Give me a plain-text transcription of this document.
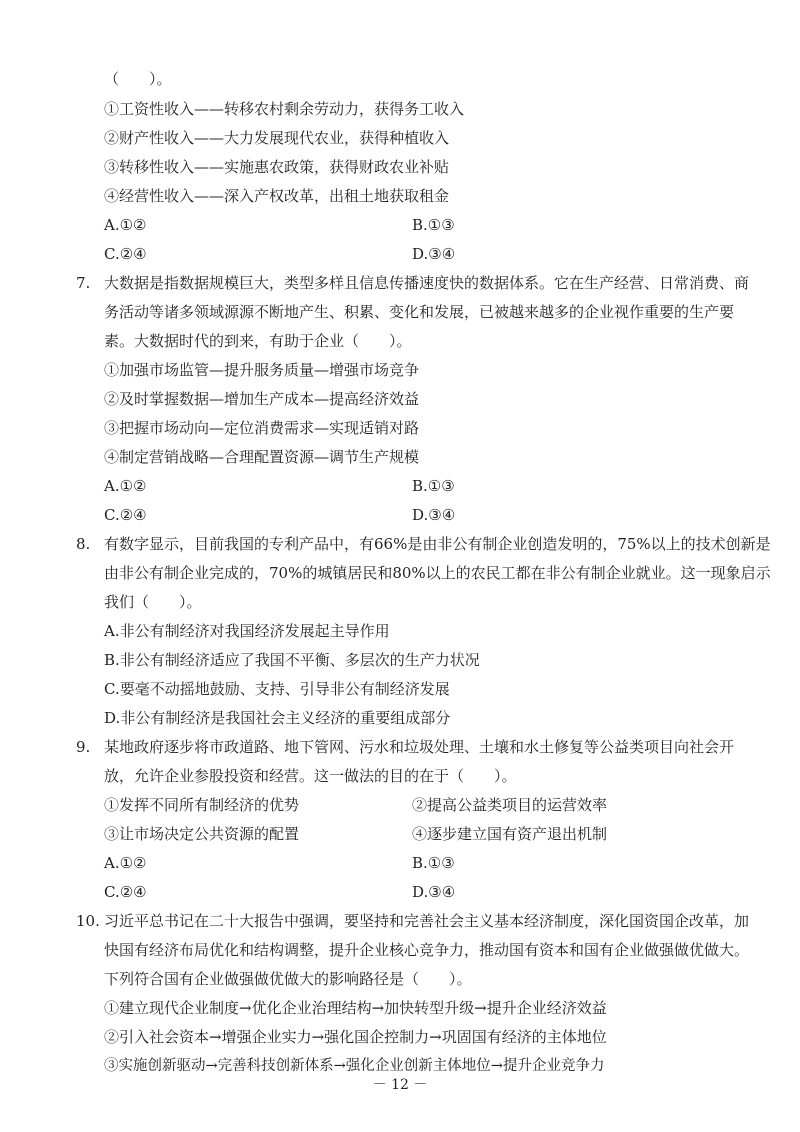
（　　）。
①工资性收入——转移农村剩余劳动力，获得务工收入
②财产性收入——大力发展现代农业，获得种植收入
③转移性收入——实施惠农政策，获得财政农业补贴
④经营性收入——深入产权改革，出租土地获取租金
A.①②	B.①③
C.②④	D.③④
7. 大数据是指数据规模巨大，类型多样且信息传播速度快的数据体系。它在生产经营、日常消费、商
务活动等诸多领域源源不断地产生、积累、变化和发展，已被越来越多的企业视作重要的生产要
素。大数据时代的到来，有助于企业（　　）。
①加强市场监管—提升服务质量—增强市场竞争
②及时掌握数据—增加生产成本—提高经济效益
③把握市场动向—定位消费需求—实现适销对路
④制定营销战略—合理配置资源—调节生产规模
A.①②	B.①③
C.②④	D.③④
8. 有数字显示，目前我国的专利产品中，有66%是由非公有制企业创造发明的，75%以上的技术创新是
由非公有制企业完成的，70%的城镇居民和80%以上的农民工都在非公有制企业就业。这一现象启示
我们（　　）。
A.非公有制经济对我国经济发展起主导作用
B.非公有制经济适应了我国不平衡、多层次的生产力状况
C.要毫不动摇地鼓励、支持、引导非公有制经济发展
D.非公有制经济是我国社会主义经济的重要组成部分
9. 某地政府逐步将市政道路、地下管网、污水和垃圾处理、土壤和水土修复等公益类项目向社会开
放，允许企业参股投资和经营。这一做法的目的在于（　　）。
①发挥不同所有制经济的优势	②提高公益类项目的运营效率
③让市场决定公共资源的配置	④逐步建立国有资产退出机制
A.①②	B.①③
C.②④	D.③④
10. 习近平总书记在二十大报告中强调，要坚持和完善社会主义基本经济制度，深化国资国企改革，加
快国有经济布局优化和结构调整，提升企业核心竞争力，推动国有资本和国有企业做强做优做大。
下列符合国有企业做强做优做大的影响路径是（　　）。
①建立现代企业制度→优化企业治理结构→加快转型升级→提升企业经济效益
②引入社会资本→增强企业实力→强化国企控制力→巩固国有经济的主体地位
③实施创新驱动→完善科技创新体系→强化企业创新主体地位→提升企业竞争力
－ 12 －
